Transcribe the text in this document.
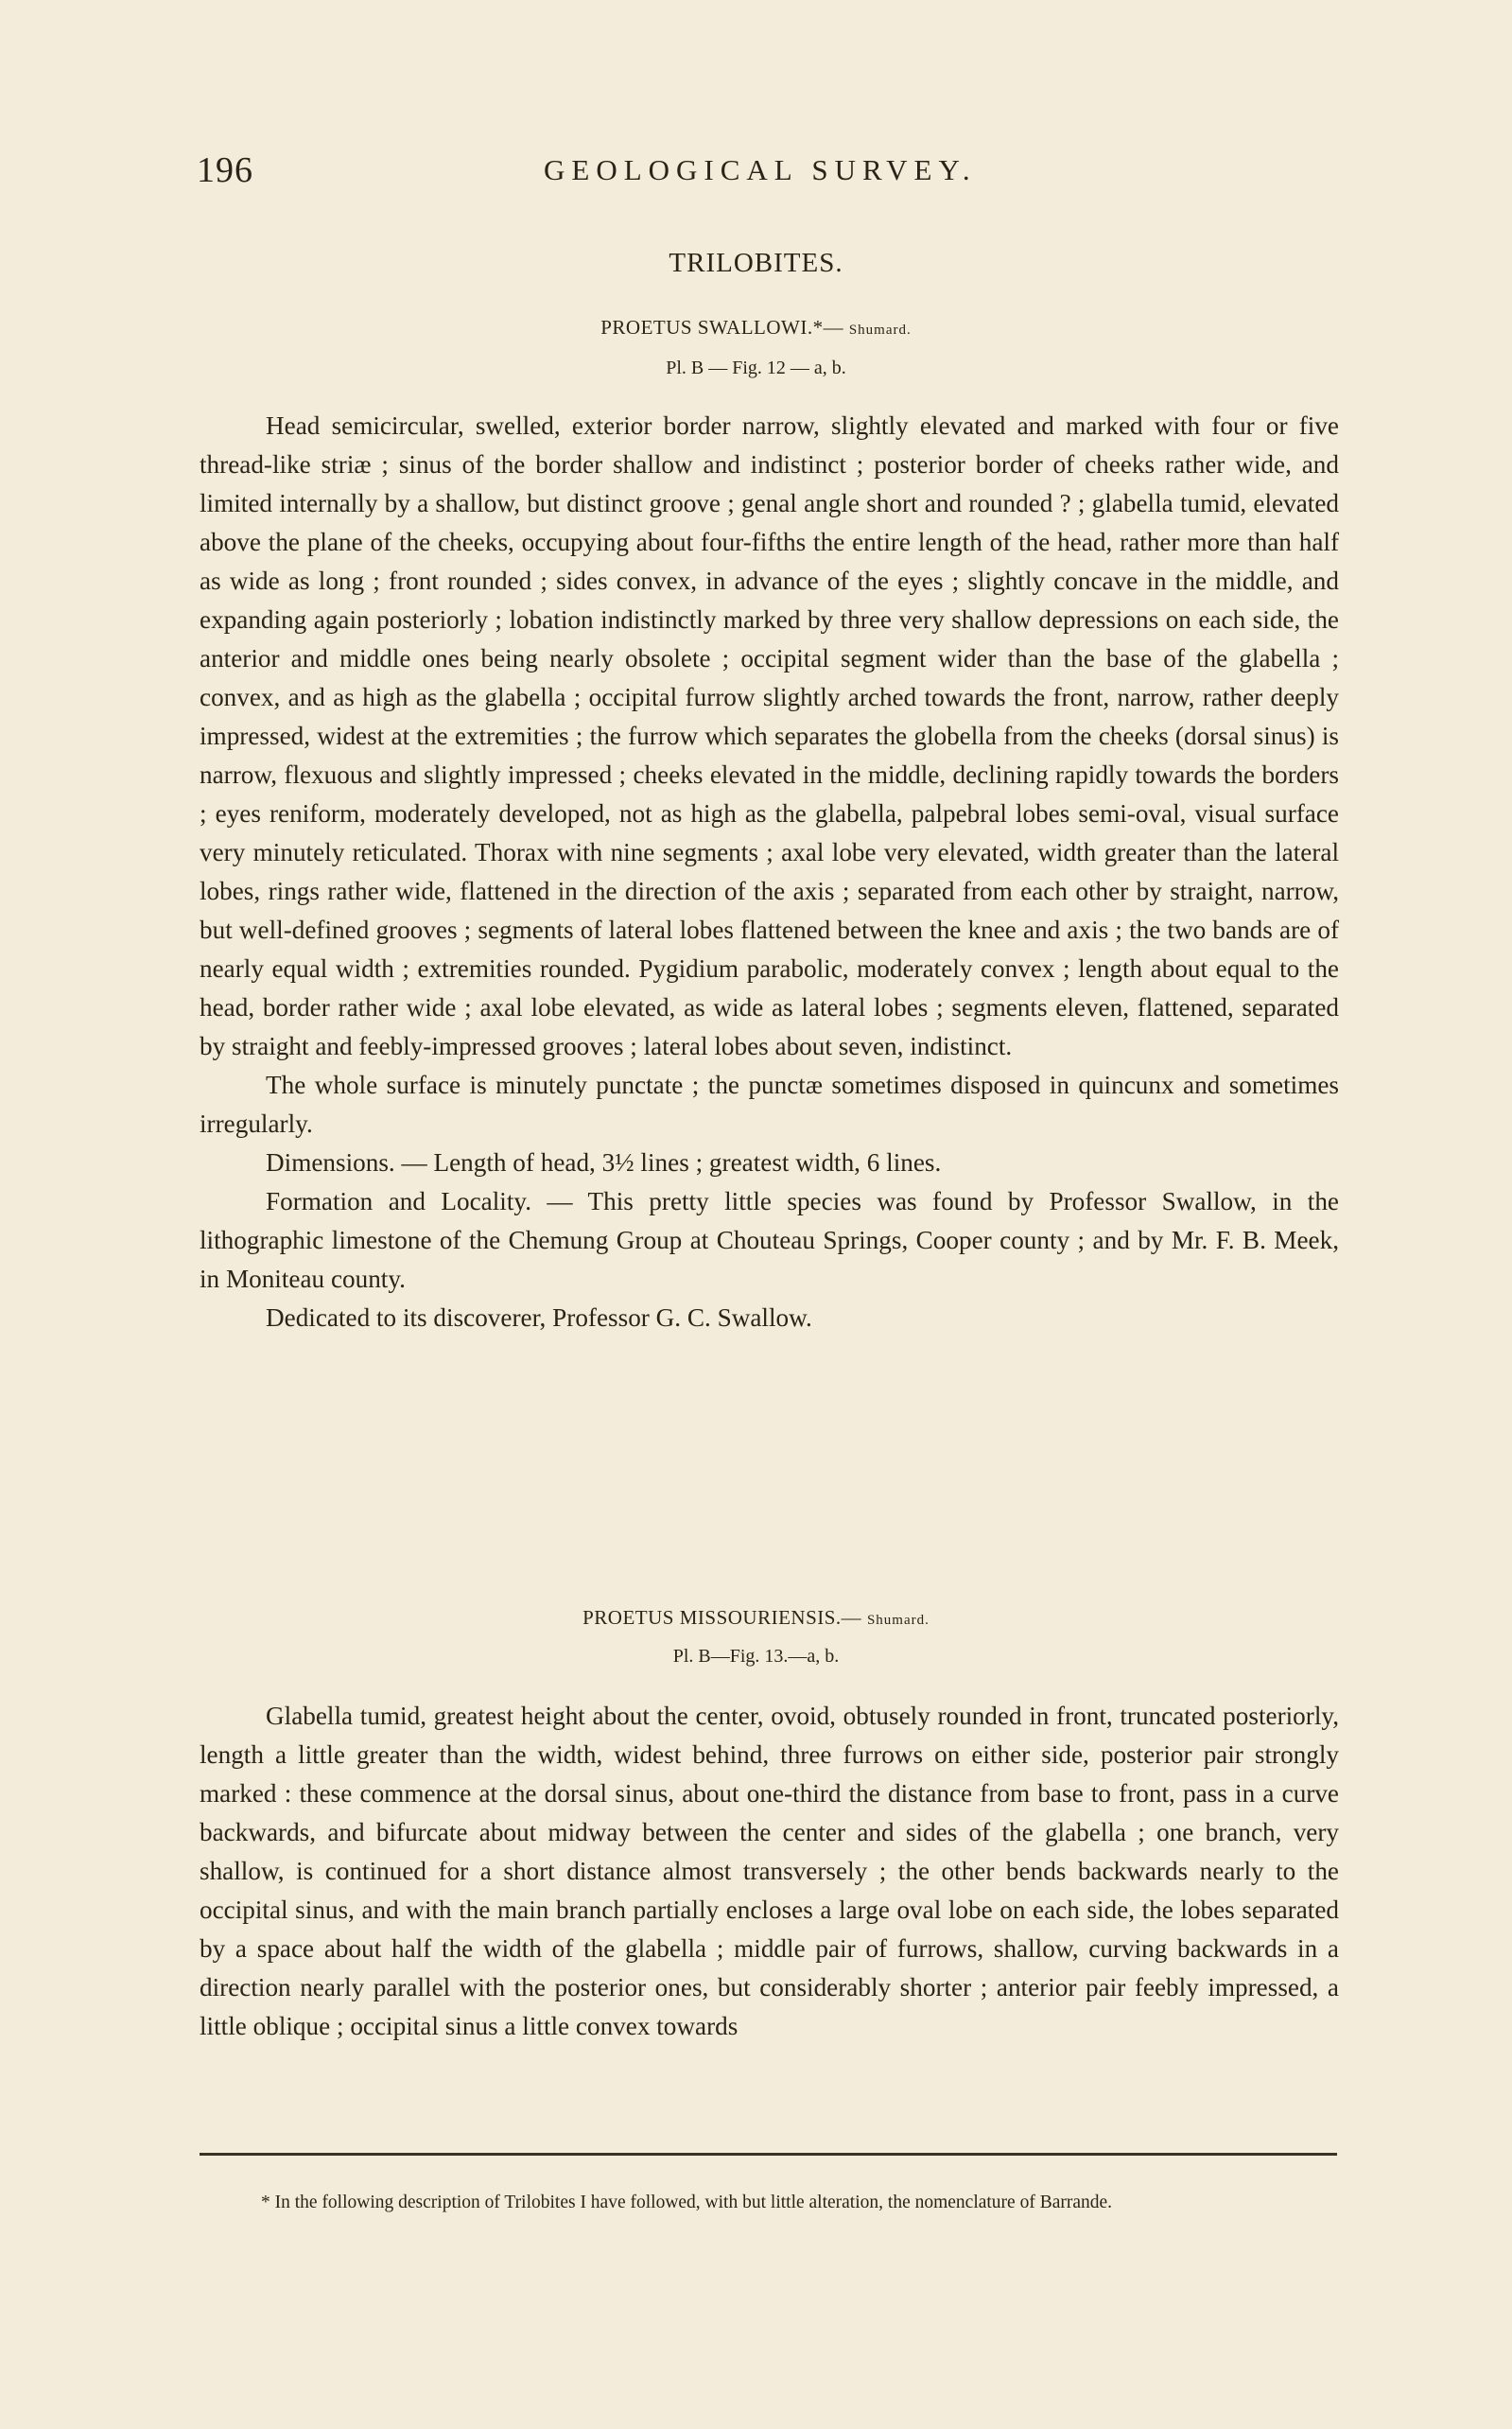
196	GEOLOGICAL SURVEY.
TRILOBITES.
PROETUS SWALLOWI.*— Shumard.
Pl. B — Fig. 12 — a, b.

Head semicircular, swelled, exterior border narrow, slightly elevated and marked with four or five thread-like striæ ; sinus of the border shallow and indistinct ; posterior border of cheeks rather wide, and limited internally by a shallow, but distinct groove ; genal angle short and rounded ? ; glabella tumid, elevated above the plane of the cheeks, occupying about four-fifths the entire length of the head, rather more than half as wide as long ; front rounded ; sides convex, in advance of the eyes ; slightly concave in the middle, and expanding again posteriorly ; lobation indistinctly marked by three very shallow depressions on each side, the anterior and middle ones being nearly obsolete ; occipital segment wider than the base of the glabella ; convex, and as high as the glabella ; occipital furrow slightly arched towards the front, narrow, rather deeply impressed, widest at the extremities ; the furrow which separates the globella from the cheeks (dorsal sinus) is narrow, flexuous and slightly impressed ; cheeks elevated in the middle, declining rapidly towards the borders ; eyes reniform, moderately developed, not as high as the glabella, palpebral lobes semi-oval, visual surface very minutely reticulated. Thorax with nine segments ; axal lobe very elevated, width greater than the lateral lobes, rings rather wide, flattened in the direction of the axis ; separated from each other by straight, narrow, but well-defined grooves ; segments of lateral lobes flattened between the knee and axis ; the two bands are of nearly equal width ; extremities rounded. Pygidium parabolic, moderately convex ; length about equal to the head, border rather wide ; axal lobe elevated, as wide as lateral lobes ; segments eleven, flattened, separated by straight and feebly-impressed grooves ; lateral lobes about seven, indistinct.

The whole surface is minutely punctate ; the punctæ sometimes disposed in quincunx and sometimes irregularly.

Dimensions. — Length of head, 3½ lines ; greatest width, 6 lines.

Formation and Locality. — This pretty little species was found by Professor Swallow, in the lithographic limestone of the Chemung Group at Chouteau Springs, Cooper county ; and by Mr. F. B. Meek, in Moniteau county.

Dedicated to its discoverer, Professor G. C. Swallow.

PROETUS MISSOURIENSIS.— Shumard.
Pl. B—Fig. 13.—a, b.

Glabella tumid, greatest height about the center, ovoid, obtusely rounded in front, truncated posteriorly, length a little greater than the width, widest behind, three furrows on either side, posterior pair strongly marked : these commence at the dorsal sinus, about one-third the distance from base to front, pass in a curve backwards, and bifurcate about midway between the center and sides of the glabella ; one branch, very shallow, is continued for a short distance almost transversely ; the other bends backwards nearly to the occipital sinus, and with the main branch partially encloses a large oval lobe on each side, the lobes separated by a space about half the width of the glabella ; middle pair of furrows, shallow, curving backwards in a direction nearly parallel with the posterior ones, but considerably shorter ; anterior pair feebly impressed, a little oblique ; occipital sinus a little convex towards

* In the following description of Trilobites I have followed, with but little alteration, the nomenclature of Barrande.
